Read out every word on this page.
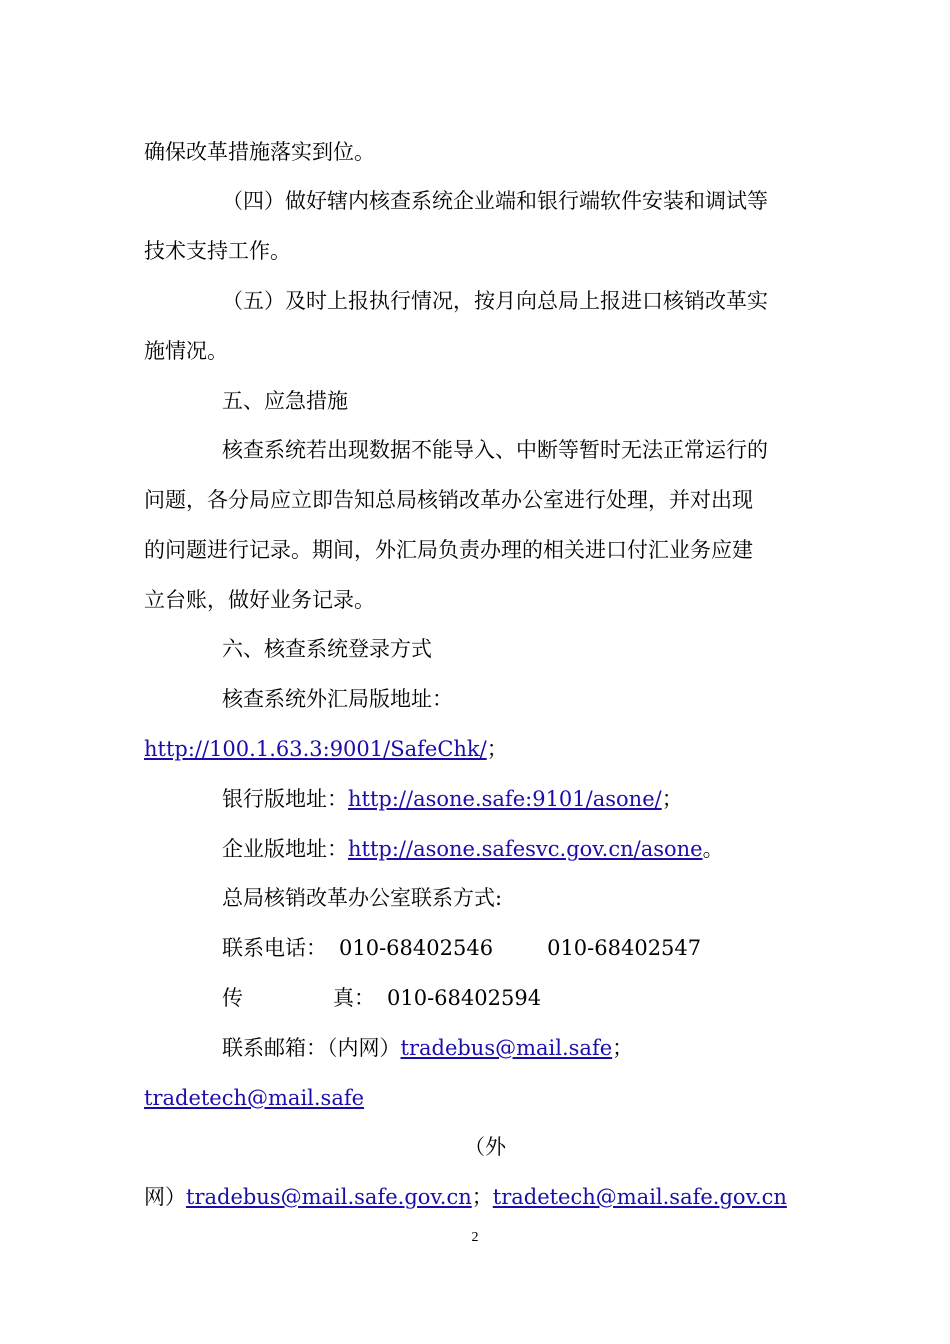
确保改革措施落实到位。

（四）做好辖内核查系统企业端和银行端软件安装和调试等

技术支持工作。

（五）及时上报执行情况，按月向总局上报进口核销改革实

施情况。

五、应急措施

核查系统若出现数据不能导入、中断等暂时无法正常运行的

问题，各分局应立即告知总局核销改革办公室进行处理，并对出现

的问题进行记录。期间，外汇局负责办理的相关进口付汇业务应建

立台账，做好业务记录。

六、核查系统登录方式

核查系统外汇局版地址：

http://100.1.63.3:9001/SafeChk/；

银行版地址：http://asone.safe:9101/asone/；

企业版地址：http://asone.safesvc.gov.cn/asone。

总局核销改革办公室联系方式:

联系电话： 010-68402546	010-68402547

传	真： 010-68402594

联系邮箱：（内网）tradebus@mail.safe；

tradetech@mail.safe

（外

网）tradebus@mail.safe.gov.cn；tradetech@mail.safe.gov.cn

2
